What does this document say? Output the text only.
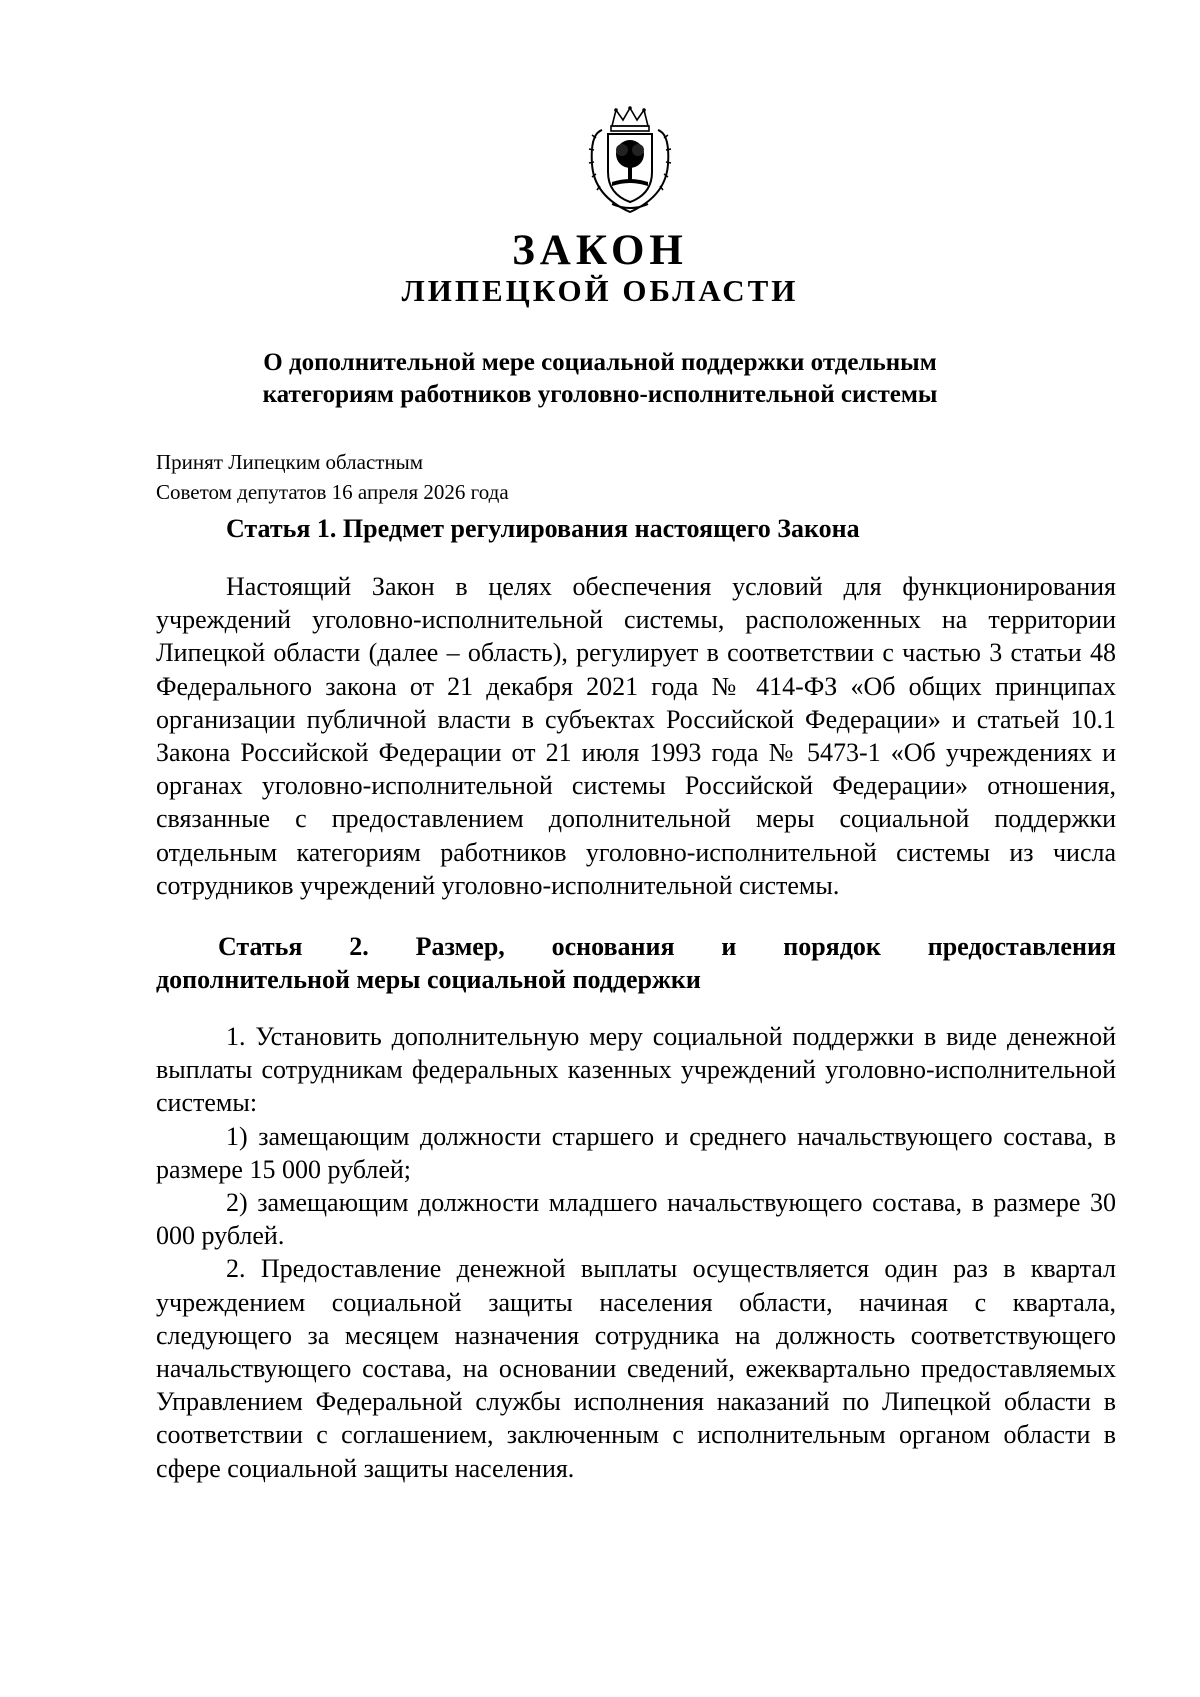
ЗАКОН
ЛИПЕЦКОЙ ОБЛАСТИ
О дополнительной мере социальной поддержки отдельным
категориям работников уголовно-исполнительной системы
Принят Липецким областным
Советом депутатов 16 апреля 2026 года

Статья 1. Предмет регулирования настоящего Закона

Настоящий Закон в целях обеспечения условий для функционирования учреждений уголовно-исполнительной системы, расположенных на территории Липецкой области (далее – область), регулирует в соответствии с частью 3 статьи 48 Федерального закона от 21 декабря 2021 года № 414-ФЗ «Об общих принципах организации публичной власти в субъектах Российской Федерации» и статьей 10.1 Закона Российской Федерации от 21 июля 1993 года № 5473-1 «Об учреждениях и органах уголовно-исполнительной системы Российской Федерации» отношения, связанные с предоставлением дополнительной меры социальной поддержки отдельным категориям работников уголовно-исполнительной системы из числа сотрудников учреждений уголовно-исполнительной системы.

Статья 2. Размер, основания и порядок предоставления

дополнительной меры социальной поддержки

1. Установить дополнительную меру социальной поддержки в виде денежной выплаты сотрудникам федеральных казенных учреждений уголовно-исполнительной системы:

1) замещающим должности старшего и среднего начальствующего состава, в размере 15 000 рублей;

2) замещающим должности младшего начальствующего состава, в размере 30 000 рублей.

2. Предоставление денежной выплаты осуществляется один раз в квартал учреждением социальной защиты населения области, начиная с квартала, следующего за месяцем назначения сотрудника на должность соответствующего начальствующего состава, на основании сведений, ежеквартально предоставляемых Управлением Федеральной службы исполнения наказаний по Липецкой области в соответствии с соглашением, заключенным с исполнительным органом области в сфере социальной защиты населения.
